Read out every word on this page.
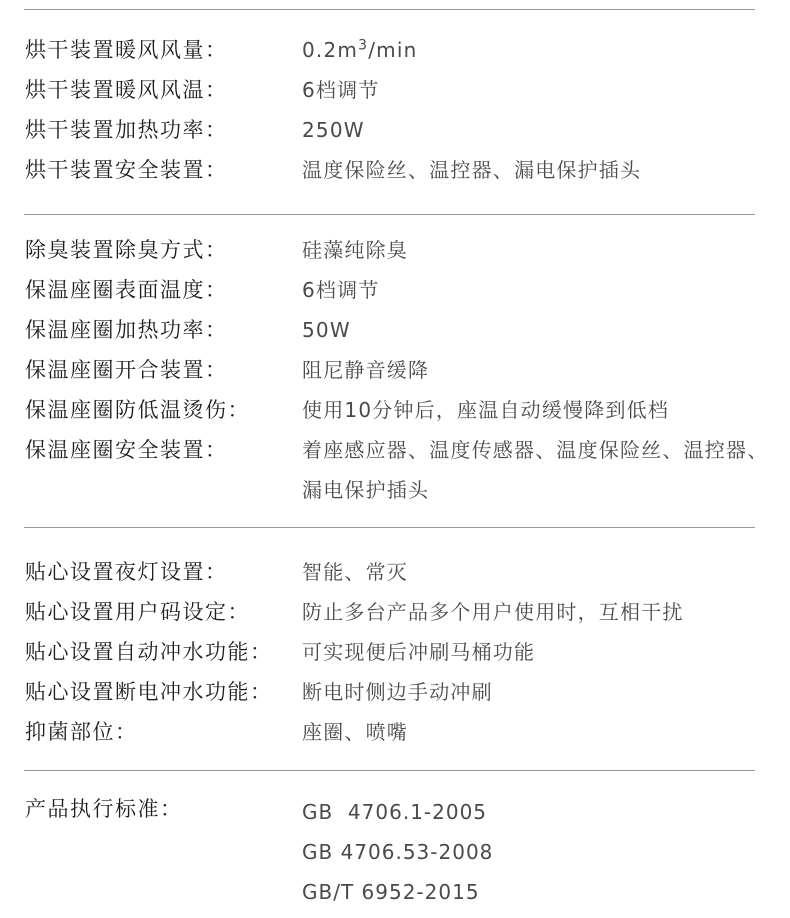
烘干装置暖风风量：	$0.2m^3/\min$
烘干装置暖风风温：	6档调节
烘干装置加热功率：	250W
烘干装置安全装置：	温度保险丝、温控器、漏电保护插头
除臭装置除臭方式：	硅藻纯除臭
保温座圈表面温度：	6档调节
保温座圈加热功率：	50W
保温座圈开合装置：	阻尼静音缓降
保温座圈防低温烫伤：	使用10分钟后，座温自动缓慢降到低档
保温座圈安全装置：	着座感应器、温度传感器、温度保险丝、温控器、漏电保护插头
贴心设置夜灯设置：	智能、常灭
贴心设置用户码设定：	防止多台产品多个用户使用时，互相干扰
贴心设置自动冲水功能： 可实现便后冲刷马桶功能
贴心设置断电冲水功能： 断电时侧边手动冲刷
抑菌部位：	座圈、喷嘴
产品执行标准：	GB  4706.1-2005
GB 4706.53-2008
GB/T 6952-2015
